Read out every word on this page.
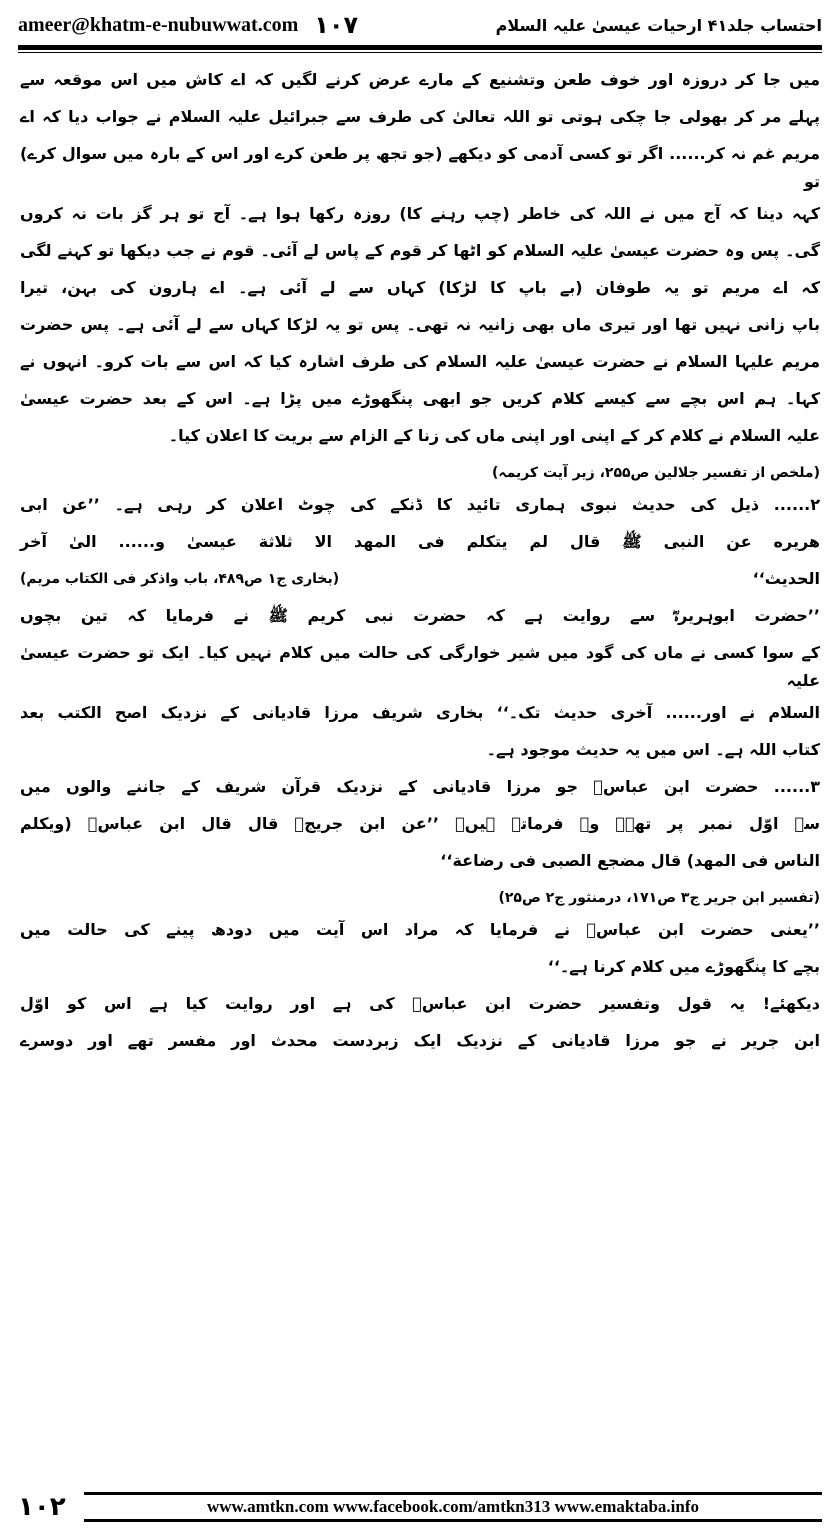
ameer@khatm-e-nubuwwat.com ۱۰۷	احتساب جلد۴۱ ارحیات عیسیٰ علیہ السلام
میں جا کر دروزہ اور خوف طعن وتشنیع کے مارے عرض کرنے لگیں کہ اے کاش میں اس موقعہ سے
پہلے مر کر بھولی جا چکی ہوتی تو اللہ تعالیٰ کی طرف سے جبرائیل علیہ السلام نے جواب دیا کہ اے
مریم غم نہ کر...... اگر تو کسی آدمی کو دیکھے (جو تجھ پر طعن کرے اور اس کے بارہ میں سوال کرے) تو
کہہ دینا کہ آج میں نے اللہ کی خاطر (چپ رہنے کا) روزہ رکھا ہوا ہے۔ آج تو ہر گز بات نہ کروں
گی۔ پس وہ حضرت عیسیٰ علیہ السلام کو اٹھا کر قوم کے پاس لے آئی۔ قوم نے جب دیکھا تو کہنے لگی
کہ اے مریم تو یہ طوفان (بے باپ کا لڑکا) کہاں سے لے آئی ہے۔ اے ہارون کی بہن، تیرا
باپ زانی نہیں تھا اور تیری ماں بھی زانیہ نہ تھی۔ پس تو یہ لڑکا کہاں سے لے آئی ہے۔ پس حضرت
مریم علیہا السلام نے حضرت عیسیٰ علیہ السلام کی طرف اشارہ کیا کہ اس سے بات کرو۔ انہوں نے
کہا۔ ہم اس بچے سے کیسے کلام کریں جو ابھی پنگھوڑے میں پڑا ہے۔ اس کے بعد حضرت عیسیٰ
علیہ السلام نے کلام کر کے اپنی اور اپنی ماں کی زنا کے الزام سے بریت کا اعلان کیا۔
(ملخص از تفسیر جلالین ص۲۵۵، زیر آیت کریمہ)
۲...... ذیل کی حدیث نبوی ہماری تائید کا ڈنکے کی چوٹ اعلان کر رہی ہے۔ ’’عن ابی
هريره عن النبی ﷺ قال لم يتكلم فی المهد الا ثلاثة عيسیٰ و...... الیٰ آخر
الحديث‘‘
(بخاری ج۱ ص۴۸۹، باب واذکر فی الکتاب مریم)
’’حضرت ابوہریرہؓ سے روایت ہے کہ حضرت نبی کریم ﷺ نے فرمایا کہ تین بچوں
کے سوا کسی نے ماں کی گود میں شیر خوارگی کی حالت میں کلام نہیں کیا۔ ایک تو حضرت عیسیٰ علیہ
السلام نے اور...... آخری حدیث تک۔‘‘ بخاری شریف مرزا قادیانی کے نزدیک اصح الکتب بعد
کتاب اللہ ہے۔ اس میں یہ حدیث موجود ہے۔
۳...... حضرت ابن عباسؓ جو مرزا قادیانی کے نزدیک قرآن شریف کے جاننے والوں میں
سے اوّل نمبر پر تھے۔ وہ فرماتے ہیں۔ ’’عن ابن جریجؒ قال قال ابن عباسؓ (ویکلم
الناس فی المهد) قال مضجع الصبی فی رضاعة‘‘
(تفسیر ابن جریر ج۳ ص۱۷۱، درمنثور ج۲ ص۲۵)
’’یعنی حضرت ابن عباسؓ نے فرمایا کہ مراد اس آیت میں دودھ پینے کی حالت میں
بچے کا پنگھوڑے میں کلام کرنا ہے۔‘‘
دیکھئے! یہ قول وتفسیر حضرت ابن عباسؓ کی ہے اور روایت کیا ہے اس کو اوّل
ابن جریر نے جو مرزا قادیانی کے نزدیک ایک زبردست محدث اور مفسر تھے اور دوسرے
۱۰۲	www.amtkn.com www.facebook.com/amtkn313 www.emaktaba.info
